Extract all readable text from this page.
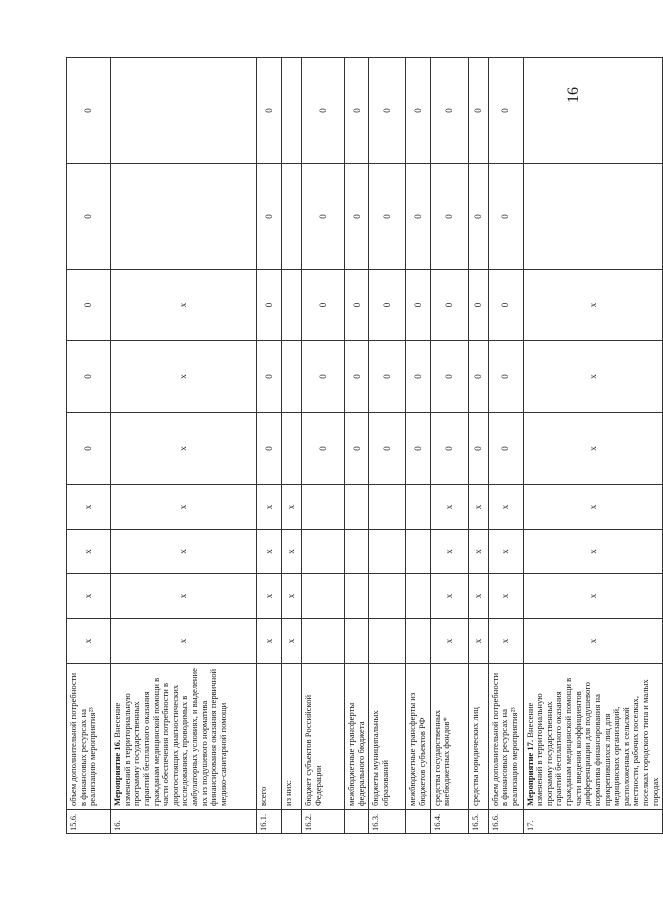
16
15.6.	объем дополнительной потребности в финансовых ресурсах на реализацию мероприятия²³	x	x	x	x	0	0	0	0	0
16.	Мероприятие 16. Внесение изменений в территориальную программу государственных гарантий бесплатного оказания гражданам медицинской помощи в части обеспечения потребности в дорогостоящих диагностических исследованиях, проводимых в амбулаторных условиях, и выделение их из подушевого норматива финансирования оказания первичной медико-санитарной помощи	x	x	x	x	x	x	x		
16.1.	всего	x	x	x	x	0	0	0	0	0
	из них:	x	x	x	x					
16.2.	бюджет субъектов Российской Федерации					0	0	0	0	0
	межбюджетные трансферты федерального бюджета					0	0	0	0	0
16.3.	бюджеты муниципальных образований					0	0	0	0	0
	межбюджетные трансферты из бюджетов субъектов РФ					0	0	0	0	0
16.4.	средства государственных внебюджетных фондов*	x	x	x	x	0	0	0	0	0
16.5.	средства юридических лиц	x	x	x	x	0	0	0	0	0
16.6.	объем дополнительной потребности в финансовых ресурсах на реализацию мероприятия²³	x	x	x	x	0	0	0	0	0
17.	Мероприятие 17. Внесение изменений в территориальную программу государственных гарантий бесплатного оказания гражданам медицинской помощи в части введения коэффициентов дифференциации для подушевого норматива финансирования на прикрепившихся лиц для медицинских организаций, расположенных в сельской местности, рабочих поселках, поселках городского типа и малых городах	x	x	x	x	x	x	x		
